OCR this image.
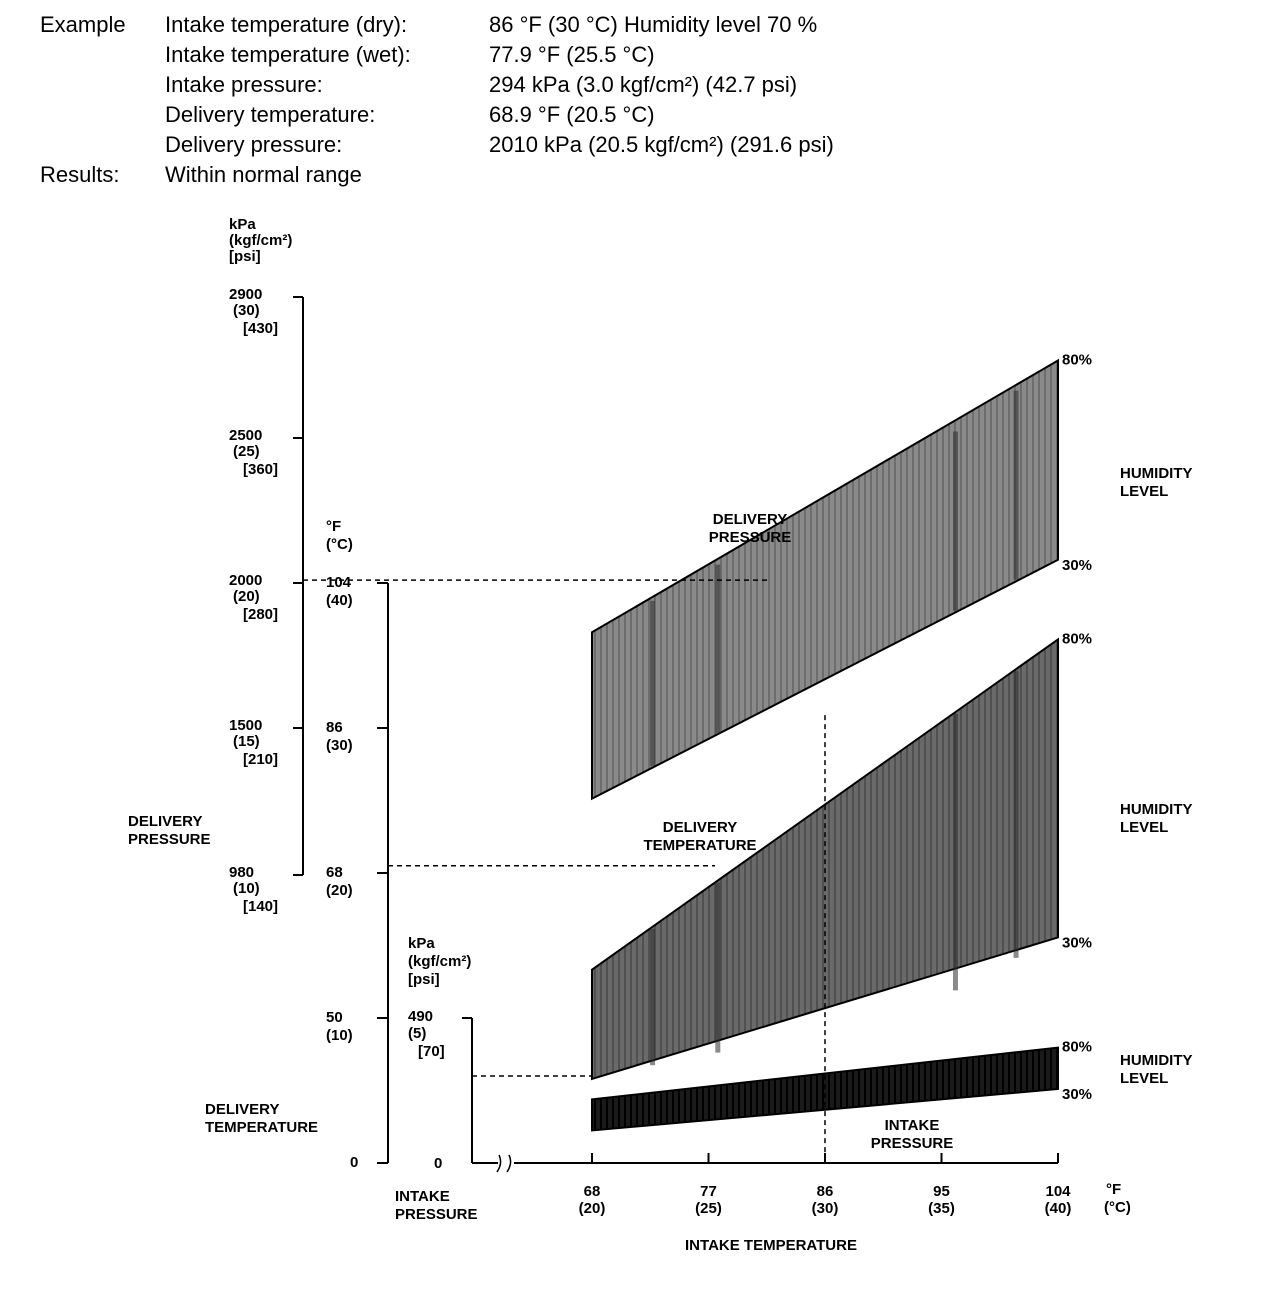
Example Intake temperature (dry):	86 °F (30 °C) Humidity level 70 %
Intake temperature (wet):	77.9 °F (25.5 °C)
Intake pressure:	294 kPa (3.0 kgf/cm²) (42.7 psi)
Delivery temperature:	68.9 °F (20.5 °C)
Delivery pressure:	2010 kPa (20.5 kgf/cm²) (291.6 psi)
Results: Within normal range
80%
30%
HUMIDITY
LEVEL
DELIVERY
PRESSURE
80%
30%
HUMIDITY
LEVEL
DELIVERY
TEMPERATURE
80%
30%
HUMIDITY
LEVEL
INTAKE
PRESSURE
kPa
(kgf/cm²)
[psi]
2900
(30)
[430]
2500
(25)
[360]
2000
(20)
[280]
1500
(15)
[210]
980
(10)
[140]
DELIVERY
PRESSURE
°F
(°C)
104
(40)
86
(30)
68
(20)
50
(10)
0
DELIVERY
TEMPERATURE
kPa
(kgf/cm²)
[psi]
490
(5)
[70]
0
INTAKE
PRESSURE
68
(20)
77
(25)
86
(30)
95
(35)
104
(40)
°F
(°C)
INTAKE TEMPERATURE
